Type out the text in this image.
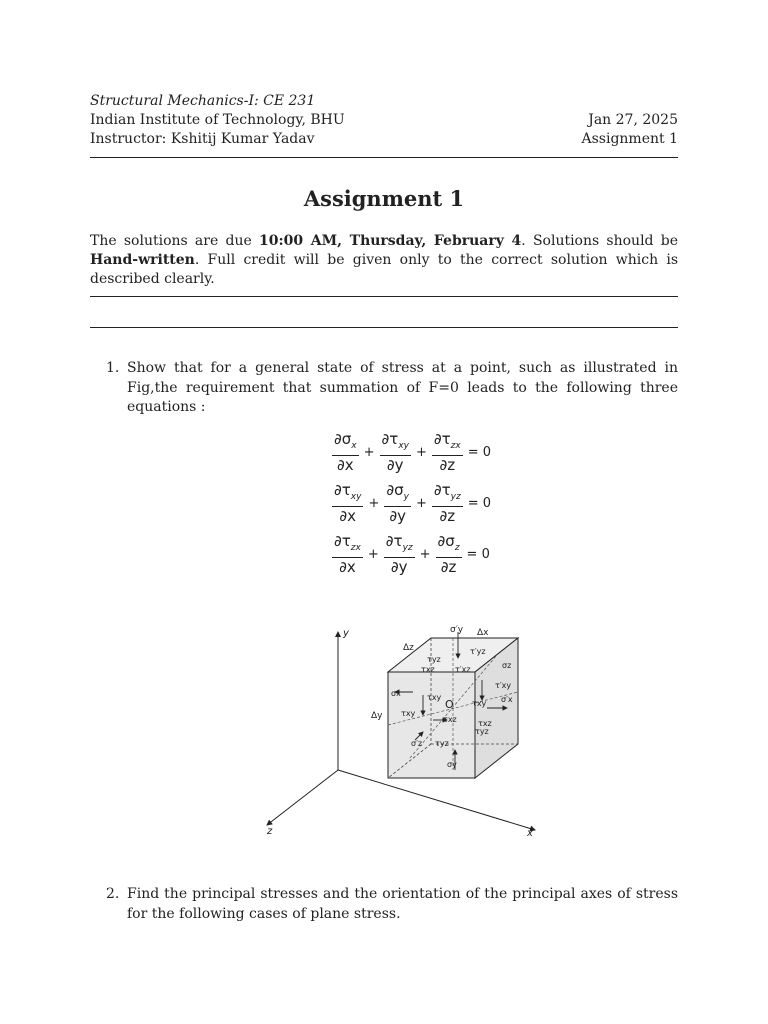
Structural Mechanics-I: CE 231
Indian Institute of Technology, BHU
Instructor: Kshitij Kumar Yadav
Jan 27, 2025
Assignment 1
Assignment 1
The solutions are due 10:00 AM, Thursday, February 4. Solutions should be Hand-written. Full credit will be given only to the correct solution which is described clearly.
1. Show that for a general state of stress at a point, such as illustrated in Fig,the requirement that summation of F=0 leads to the following three equations :
$\frac{\partial\sigma_x}{\partial x} + \frac{\partial\tau_{xy}}{\partial y} + \frac{\partial\tau_{zx}}{\partial z} = 0$
$\frac{\partial\tau_{xy}}{\partial x} + \frac{\partial\sigma_y}{\partial y} + \frac{\partial\tau_{yz}}{\partial z} = 0$
$\frac{\partial\tau_{zx}}{\partial x} + \frac{\partial\tau_{yz}}{\partial y} + \frac{\partial\sigma_z}{\partial z} = 0$
y
x
z
σ′y Δx
Δz
Δy
τ′yz
τyz
τxz	τ′xz	σz
τ′xy
σ′x
σx	τxy
O
τxy
τxy
τxz	τxz
τyz
σ′z τyz
σy
2. Find the principal stresses and the orientation of the principal axes of stress for the following cases of plane stress.
